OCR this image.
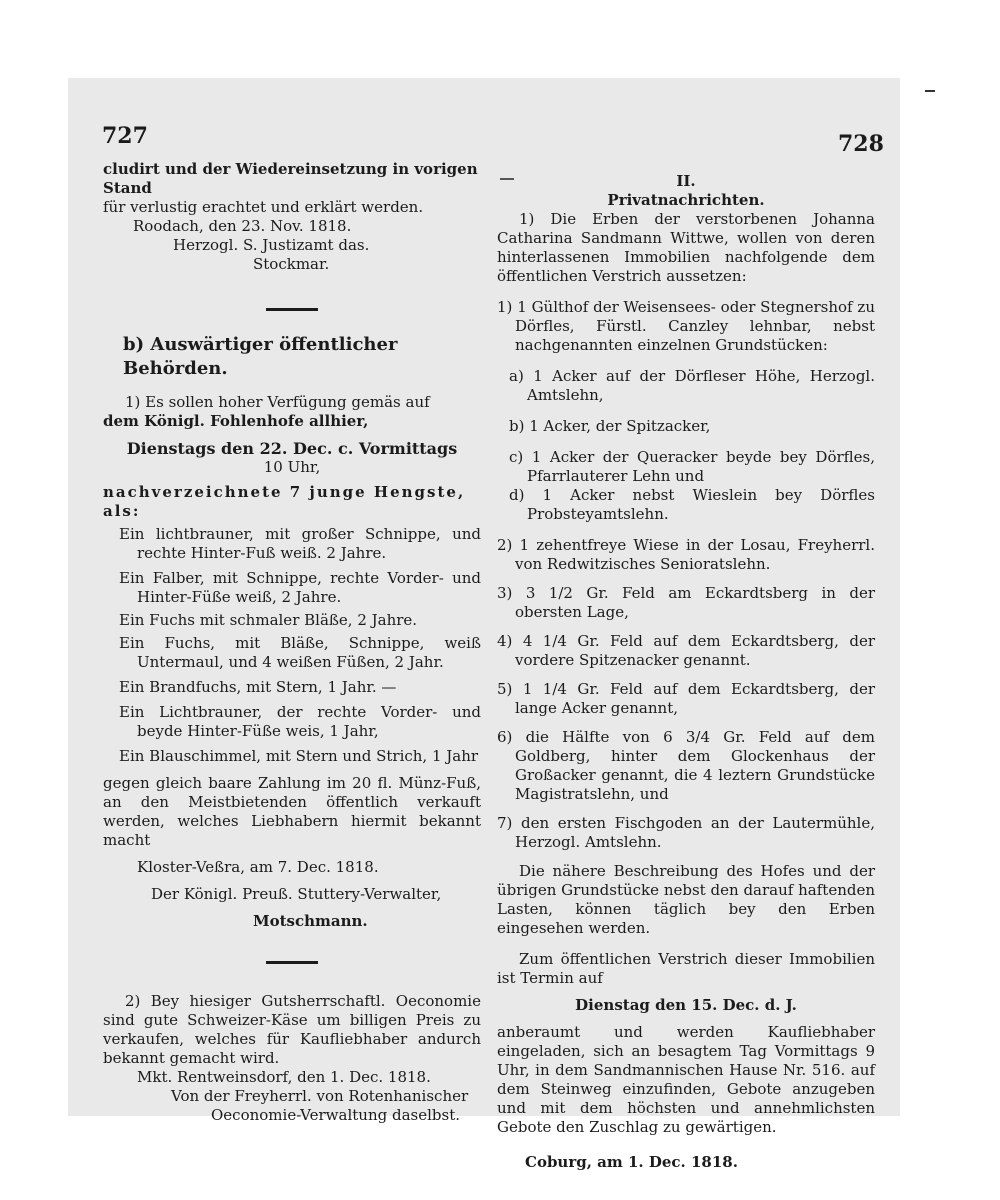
727	728

cludirt und der Wiedereinsetzung in vorigen Stand

für verlustig erachtet und erklärt werden.

Roodach, den 23. Nov. 1818.

Herzogl. S. Justizamt das.

Stockmar.

b) Auswärtiger öffentlicher Behörden.

1) Es sollen hoher Verfügung gemäs auf

dem Königl. Fohlenhofe allhier,

Dienstags den 22. Dec. c. Vormittags

10 Uhr,

nachverzeichnete 7 junge Hengste, als:

Ein lichtbrauner, mit großer Schnippe, und rechte Hinter-Fuß weiß. 2 Jahre.

Ein Falber, mit Schnippe, rechte Vorder- und Hinter-Füße weiß, 2 Jahre.

Ein Fuchs mit schmaler Bläße, 2 Jahre.

Ein Fuchs, mit Bläße, Schnippe, weiß Untermaul, und 4 weißen Füßen, 2 Jahr.

Ein Brandfuchs, mit Stern, 1 Jahr. —

Ein Lichtbrauner, der rechte Vorder- und beyde Hinter-Füße weis, 1 Jahr,

Ein Blauschimmel, mit Stern und Strich, 1 Jahr

gegen gleich baare Zahlung im 20 fl. Münz-Fuß, an den Meistbietenden öffentlich verkauft werden, welches Liebhabern hiermit bekannt macht

Kloster-Veßra, am 7. Dec. 1818.

Der Königl. Preuß. Stuttery-Verwalter,

Motschmann.

2) Bey hiesiger Gutsherrschaftl. Oeconomie sind gute Schweizer-Käse um billigen Preis zu verkaufen, welches für Kaufliebhaber andurch bekannt gemacht wird.

Mkt. Rentweinsdorf, den 1. Dec. 1818.

Von der Freyherrl. von Rotenhanischer

Oeconomie-Verwaltung daselbst.

II.

Privatnachrichten.

1) Die Erben der verstorbenen Johanna Catharina Sandmann Wittwe, wollen von deren hinterlassenen Immobilien nachfolgende dem öffentlichen Verstrich aussetzen:

1) 1 Gülthof der Weisensees- oder Stegnershof zu Dörfles, Fürstl. Canzley lehnbar, nebst nachgenannten einzelnen Grundstücken:

a) 1 Acker auf der Dörfleser Höhe, Herzogl. Amtslehn,

b) 1 Acker, der Spitzacker,

c) 1 Acker der Queracker beyde bey Dörfles, Pfarrlauterer Lehn und

d) 1 Acker nebst Wieslein bey Dörfles Probsteyamtslehn.

2) 1 zehentfreye Wiese in der Losau, Freyherrl. von Redwitzisches Senioratslehn.

3) 3 1/2 Gr. Feld am Eckardtsberg in der obersten Lage,

4) 4 1/4 Gr. Feld auf dem Eckardtsberg, der vordere Spitzenacker genannt.

5) 1 1/4 Gr. Feld auf dem Eckardtsberg, der lange Acker genannt,

6) die Hälfte von 6 3/4 Gr. Feld auf dem Goldberg, hinter dem Glockenhaus der Großacker genannt, die 4 leztern Grundstücke Magistratslehn, und

7) den ersten Fischgoden an der Lautermühle, Herzogl. Amtslehn.

Die nähere Beschreibung des Hofes und der übrigen Grundstücke nebst den darauf haftenden Lasten, können täglich bey den Erben eingesehen werden.

Zum öffentlichen Verstrich dieser Immobilien ist Termin auf

Dienstag den 15. Dec. d. J.

anberaumt und werden Kaufliebhaber eingeladen, sich an besagtem Tag Vormittags 9 Uhr, in dem Sandmannischen Hause Nr. 516. auf dem Steinweg einzufinden, Gebote anzugeben und mit dem höchsten und annehmlichsten Gebote den Zuschlag zu gewärtigen.

Coburg, am 1. Dec. 1818.
